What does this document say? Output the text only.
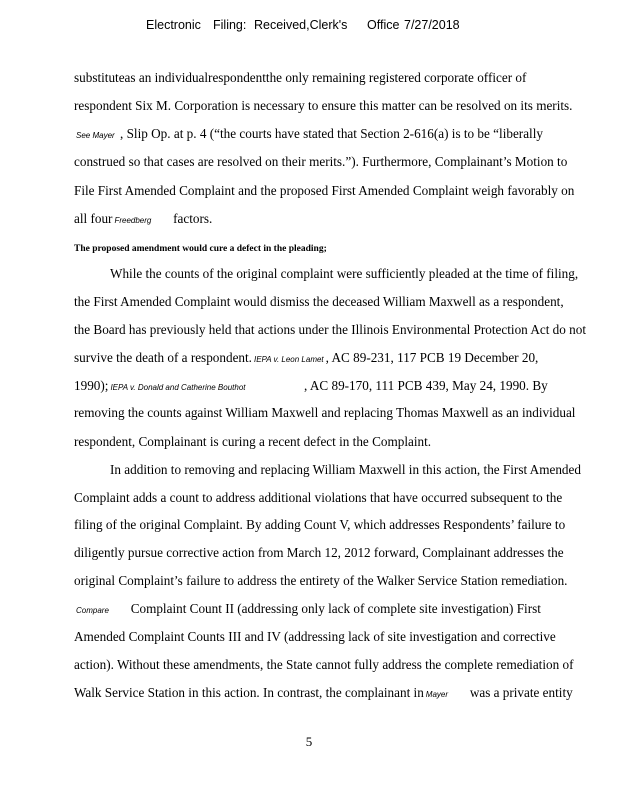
Electronic Filing: Received,Clerk's Office 7/27/2018
substituteas an individualrespondentthe only remaining registered corporate officer of
respondent Six M. Corporation is necessary to ensure this matter can be resolved on its merits.
See Mayer , Slip Op. at p. 4 (“the courts have stated that Section 2-616(a) is to be “liberally
construed so that cases are resolved on their merits.”). Furthermore, Complainant’s Motion to
File First Amended Complaint and the proposed First Amended Complaint weigh favorably on
all four Freedberg factors.
The proposed amendment would cure a defect in the pleading;
While the counts of the original complaint were sufficiently pleaded at the time of filing,
the First Amended Complaint would dismiss the deceased William Maxwell as a respondent,
the Board has previously held that actions under the Illinois Environmental Protection Act do not
survive the death of a respondent. IEPA v. Leon Lamet , AC 89-231, 117 PCB 19 December 20,
1990); IEPA v. Donald and Catherine Bouthot	, AC 89-170, 111 PCB 439, May 24, 1990. By
removing the counts against William Maxwell and replacing Thomas Maxwell as an individual
respondent, Complainant is curing a recent defect in the Complaint.
In addition to removing and replacing William Maxwell in this action, the First Amended
Complaint adds a count to address additional violations that have occurred subsequent to the
filing of the original Complaint. By adding Count V, which addresses Respondents’ failure to
diligently pursue corrective action from March 12, 2012 forward, Complainant addresses the
original Complaint’s failure to address the entirety of the Walker Service Station remediation.
Compare Complaint Count II (addressing only lack of complete site investigation) First
Amended Complaint Counts III and IV (addressing lack of site investigation and corrective
action). Without these amendments, the State cannot fully address the complete remediation of
Walk Service Station in this action. In contrast, the complainant in Mayer was a private entity
5
